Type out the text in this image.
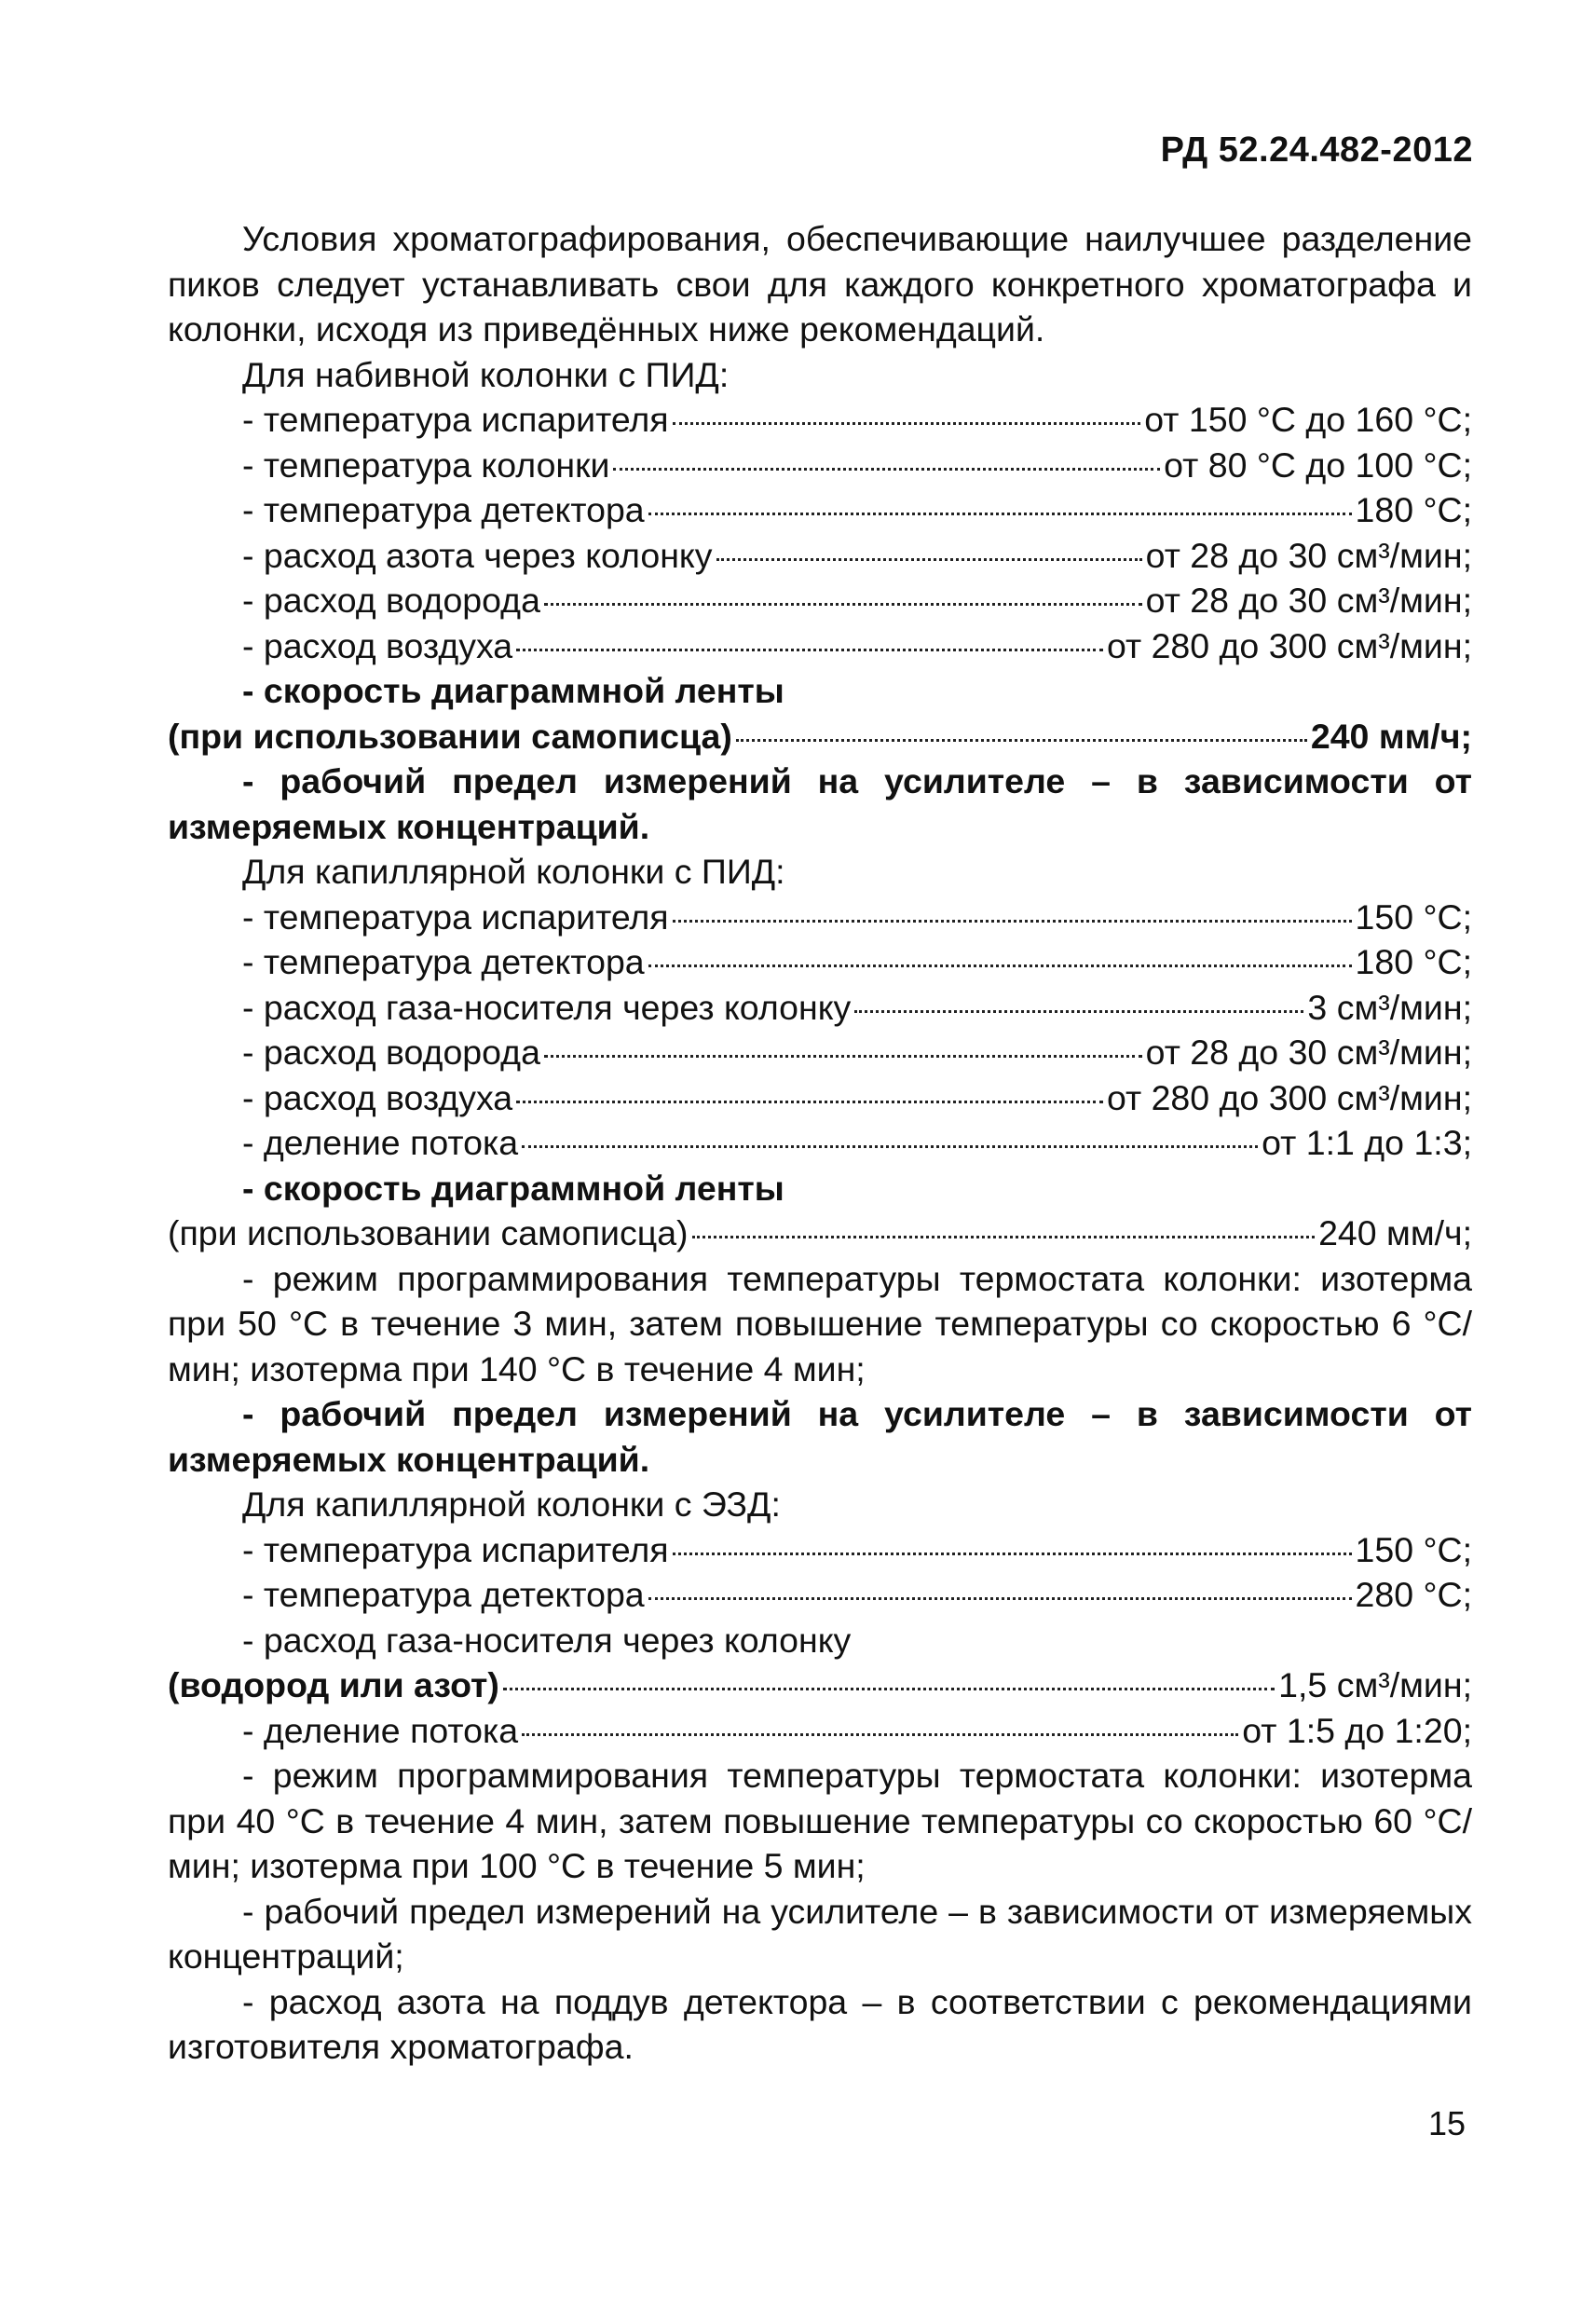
РД 52.24.482-2012

Условия хроматографирования, обеспечивающие наилучшее разделение пиков следует устанавливать свои для каждого конкретного хроматографа и колонки, исходя из приведённых ниже рекомендаций.

Для набивной колонки с ПИД:

- температура испарителя	от 150 °С до 160 °С;
- температура колонки	от 80 °С до 100 °С;
- температура детектора	180 °С;
- расход азота через колонку	от 28 до 30 см³/мин;
- расход водорода	от 28 до 30 см³/мин;
- расход воздуха	от 280 до 300 см³/мин;

- скорость диаграммной ленты

(при использовании самописца)	240 мм/ч;

- рабочий предел измерений на усилителе – в зависимости от измеряемых концентраций.

Для капиллярной колонки с ПИД:

- температура испарителя	150 °С;
- температура детектора	180 °С;
- расход газа-носителя через колонку	3 см³/мин;
- расход водорода	от 28 до 30 см³/мин;
- расход воздуха	от 280 до 300 см³/мин;
- деление потока	от 1:1 до 1:3;

- скорость диаграммной ленты

(при использовании самописца)	240 мм/ч;

- режим программирования температуры термостата колонки: изотерма при 50 °С в течение 3 мин, затем повышение температуры со скоростью 6 °С/мин; изотерма при 140 °С в течение 4 мин;

- рабочий предел измерений на усилителе – в зависимости от измеряемых концентраций.

Для капиллярной колонки с ЭЗД:

- температура испарителя	150 °С;
- температура детектора	280 °С;

- расход газа-носителя через колонку

(водород или азот)	1,5 см³/мин;
- деление потока	от 1:5 до 1:20;

- режим программирования температуры термостата колонки: изотерма при 40 °С в течение 4 мин, затем повышение температуры со скоростью 60 °С/мин; изотерма при 100 °С в течение 5 мин;

- рабочий предел измерений на усилителе – в зависимости от измеряемых концентраций;

- расход азота на поддув детектора – в соответствии с рекомендациями изготовителя хроматографа.

15
